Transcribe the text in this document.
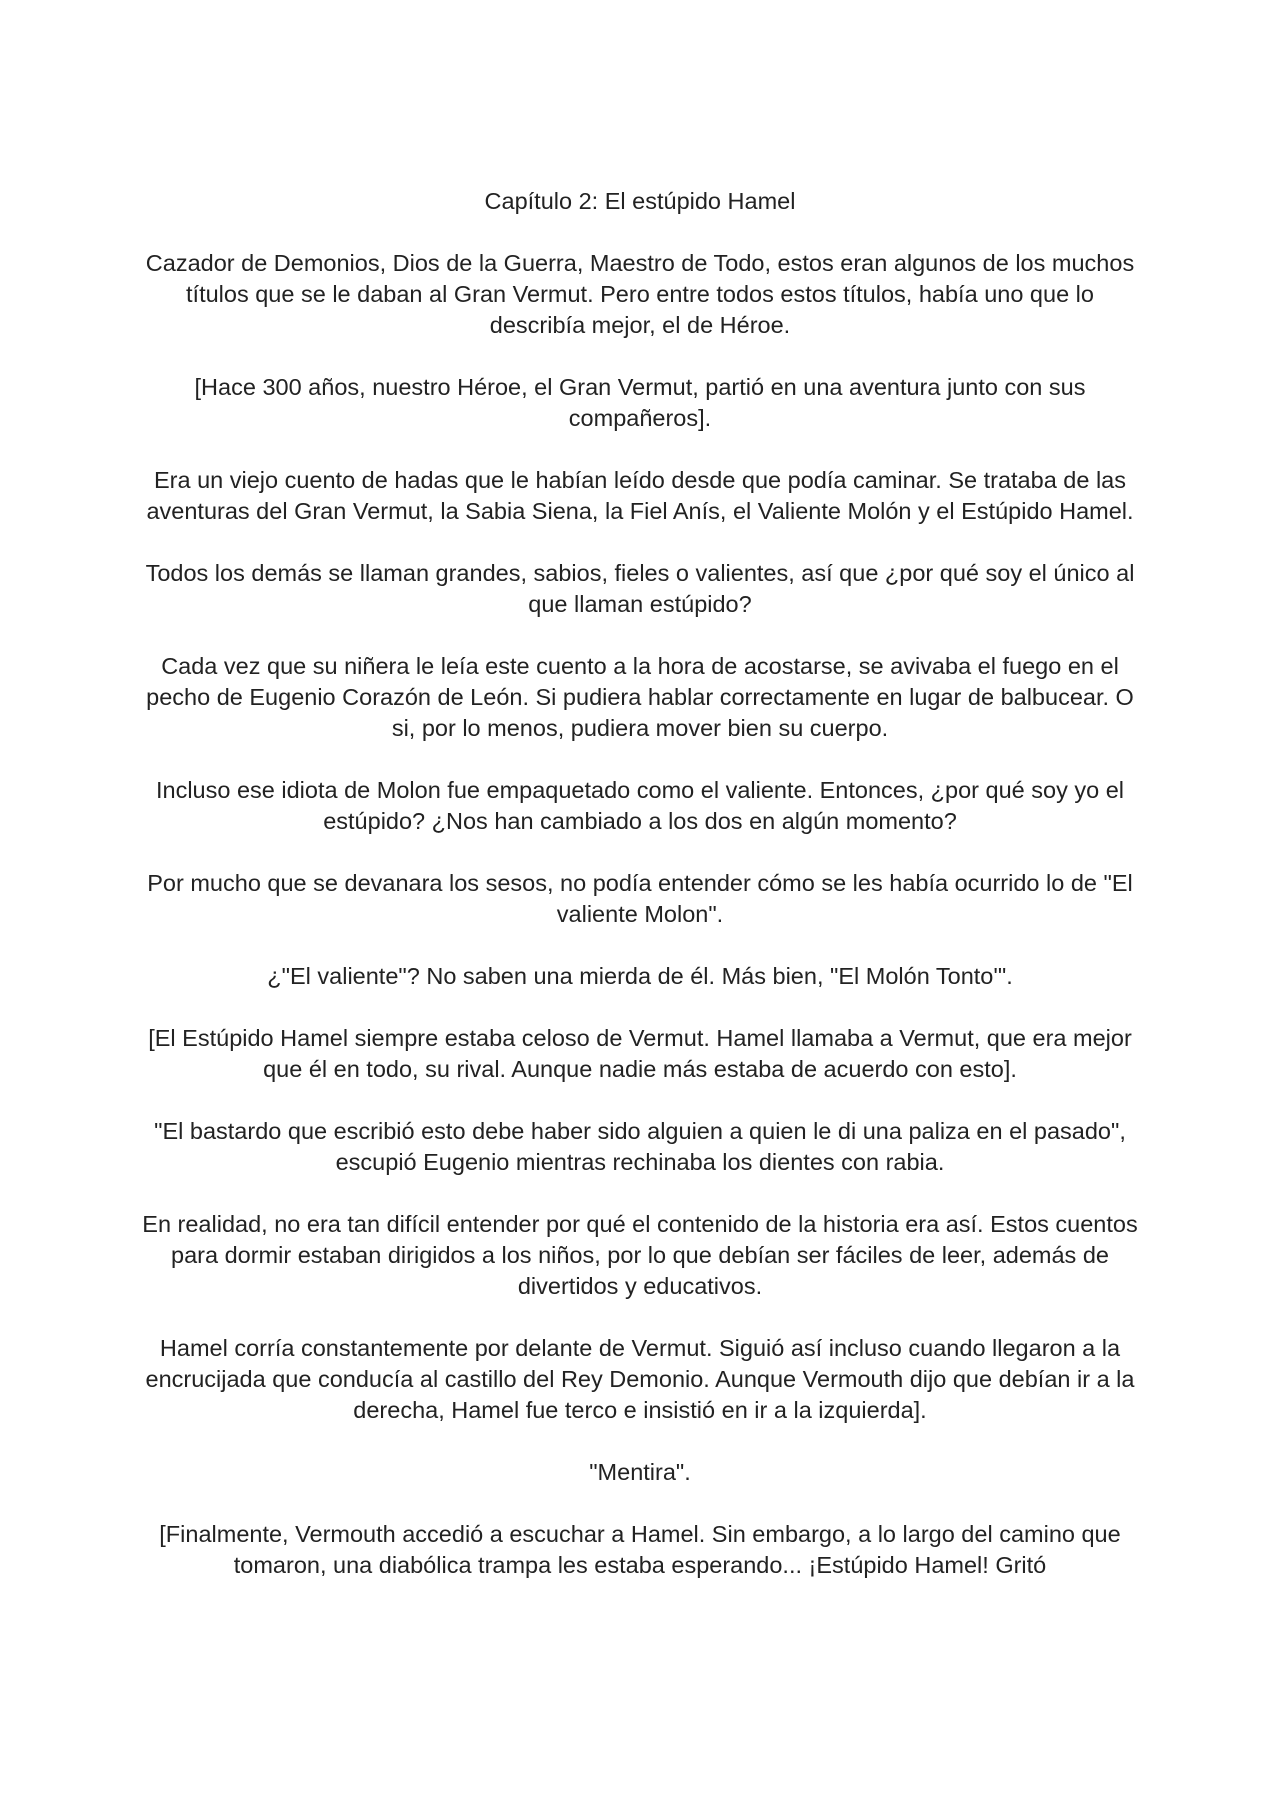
Capítulo 2: El estúpido Hamel

Cazador de Demonios, Dios de la Guerra, Maestro de Todo, estos eran algunos de los muchos títulos que se le daban al Gran Vermut. Pero entre todos estos títulos, había uno que lo describía mejor, el de Héroe.

[Hace 300 años, nuestro Héroe, el Gran Vermut, partió en una aventura junto con sus compañeros].

Era un viejo cuento de hadas que le habían leído desde que podía caminar. Se trataba de las aventuras del Gran Vermut, la Sabia Siena, la Fiel Anís, el Valiente Molón y el Estúpido Hamel.

Todos los demás se llaman grandes, sabios, fieles o valientes, así que ¿por qué soy el único al que llaman estúpido?

Cada vez que su niñera le leía este cuento a la hora de acostarse, se avivaba el fuego en el pecho de Eugenio Corazón de León. Si pudiera hablar correctamente en lugar de balbucear. O si, por lo menos, pudiera mover bien su cuerpo.

Incluso ese idiota de Molon fue empaquetado como el valiente. Entonces, ¿por qué soy yo el estúpido? ¿Nos han cambiado a los dos en algún momento?

Por mucho que se devanara los sesos, no podía entender cómo se les había ocurrido lo de "El valiente Molon".

¿"El valiente"? No saben una mierda de él. Más bien, "El Molón Tonto'".

[El Estúpido Hamel siempre estaba celoso de Vermut. Hamel llamaba a Vermut, que era mejor que él en todo, su rival. Aunque nadie más estaba de acuerdo con esto].

"El bastardo que escribió esto debe haber sido alguien a quien le di una paliza en el pasado", escupió Eugenio mientras rechinaba los dientes con rabia.

En realidad, no era tan difícil entender por qué el contenido de la historia era así. Estos cuentos para dormir estaban dirigidos a los niños, por lo que debían ser fáciles de leer, además de divertidos y educativos.

Hamel corría constantemente por delante de Vermut. Siguió así incluso cuando llegaron a la encrucijada que conducía al castillo del Rey Demonio. Aunque Vermouth dijo que debían ir a la derecha, Hamel fue terco e insistió en ir a la izquierda].

"Mentira".

[Finalmente, Vermouth accedió a escuchar a Hamel. Sin embargo, a lo largo del camino que tomaron, una diabólica trampa les estaba esperando... ¡Estúpido Hamel! Gritó
